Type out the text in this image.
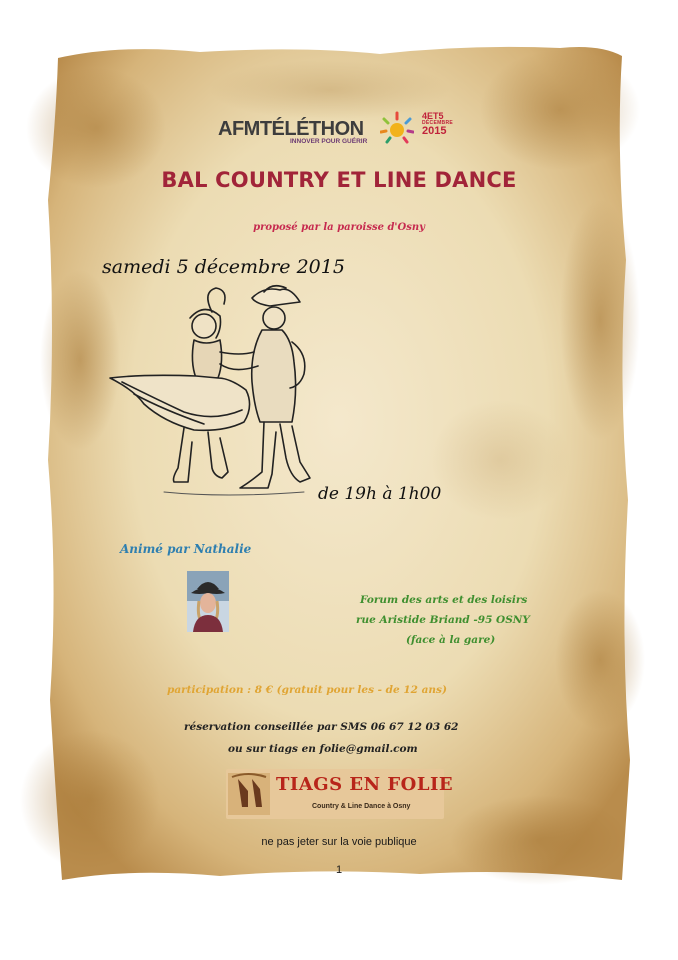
AFMTÉLÉTHON
INNOVER POUR GUÉRIR
4ET5
DÉCEMBRE
2015
BAL COUNTRY ET LINE DANCE
proposé par la paroisse d'Osny
samedi 5 décembre 2015
de 19h à 1h00
Animé par Nathalie
Forum des arts et des loisirs
rue Aristide Briand -95 OSNY
(face à la gare)
participation : 8 € (gratuit pour les - de 12 ans)
réservation conseillée par SMS 06 67 12 03 62
ou sur tiags en folie@gmail.com
TIAGS EN FOLIE
Country & Line Dance à Osny
ne pas jeter sur la voie publique
1
